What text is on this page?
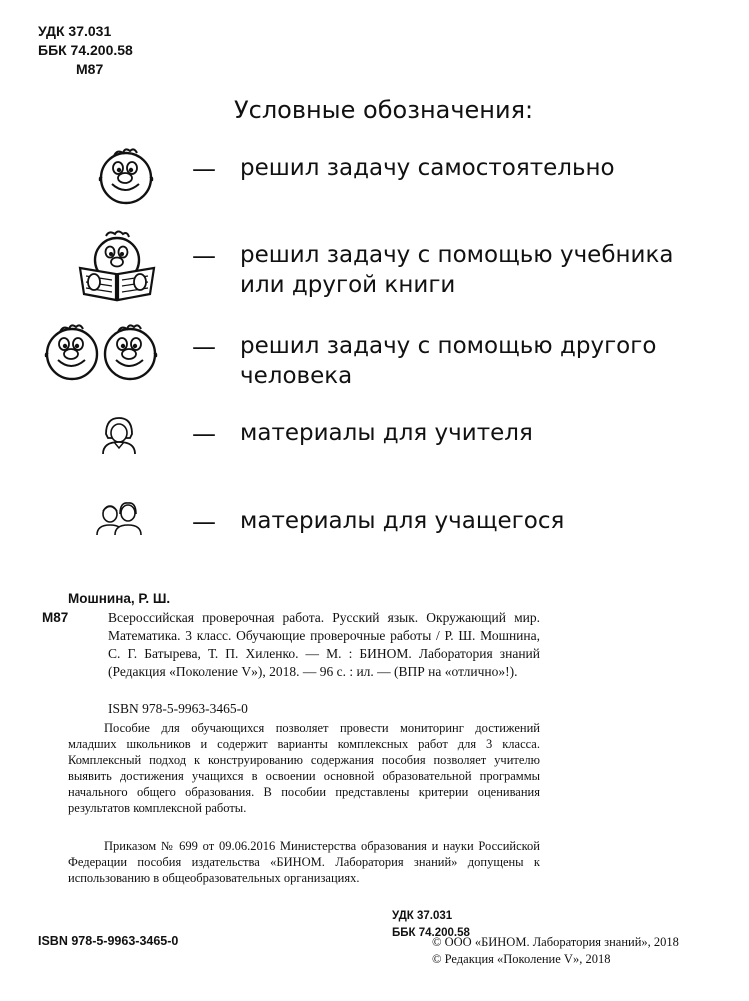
УДК 37.031
ББК 74.200.58
М87
Условные обозначения:
— решил задачу самостоятельно
— решил задачу с помощью учебника
или другой книги
— решил задачу с помощью другого
человека
— материалы для учителя
— материалы для учащегося
Мошнина, Р. Ш.
М87	Всероссийская проверочная работа. Русский язык. Окружающий мир. Математика. 3 класс. Обучающие проверочные работы / Р. Ш. Мошнина, С. Г. Батырева, Т. П. Хиленко. — М. : БИНОМ. Лаборатория знаний (Редакция «Поколение V»), 2018. — 96 с. : ил. — (ВПР на «отлично»!).
ISBN 978-5-9963-3465-0
Пособие для обучающихся позволяет провести мониторинг достижений младших школьников и содержит варианты комплексных работ для 3 класса. Комплексный подход к конструированию содержания пособия позволяет учителю выявить достижения учащихся в освоении основной образовательной программы начального общего образования. В пособии представлены критерии оценивания результатов комплексной работы.
Приказом № 699 от 09.06.2016 Министерства образования и науки Российской Федерации пособия издательства «БИНОМ. Лаборатория знаний» допущены к использованию в общеобразовательных организациях.
УДК 37.031
ББК 74.200.58
ISBN 978-5-9963-3465-0	© ООО «БИНОМ. Лаборатория знаний», 2018
© Редакция «Поколение V», 2018
